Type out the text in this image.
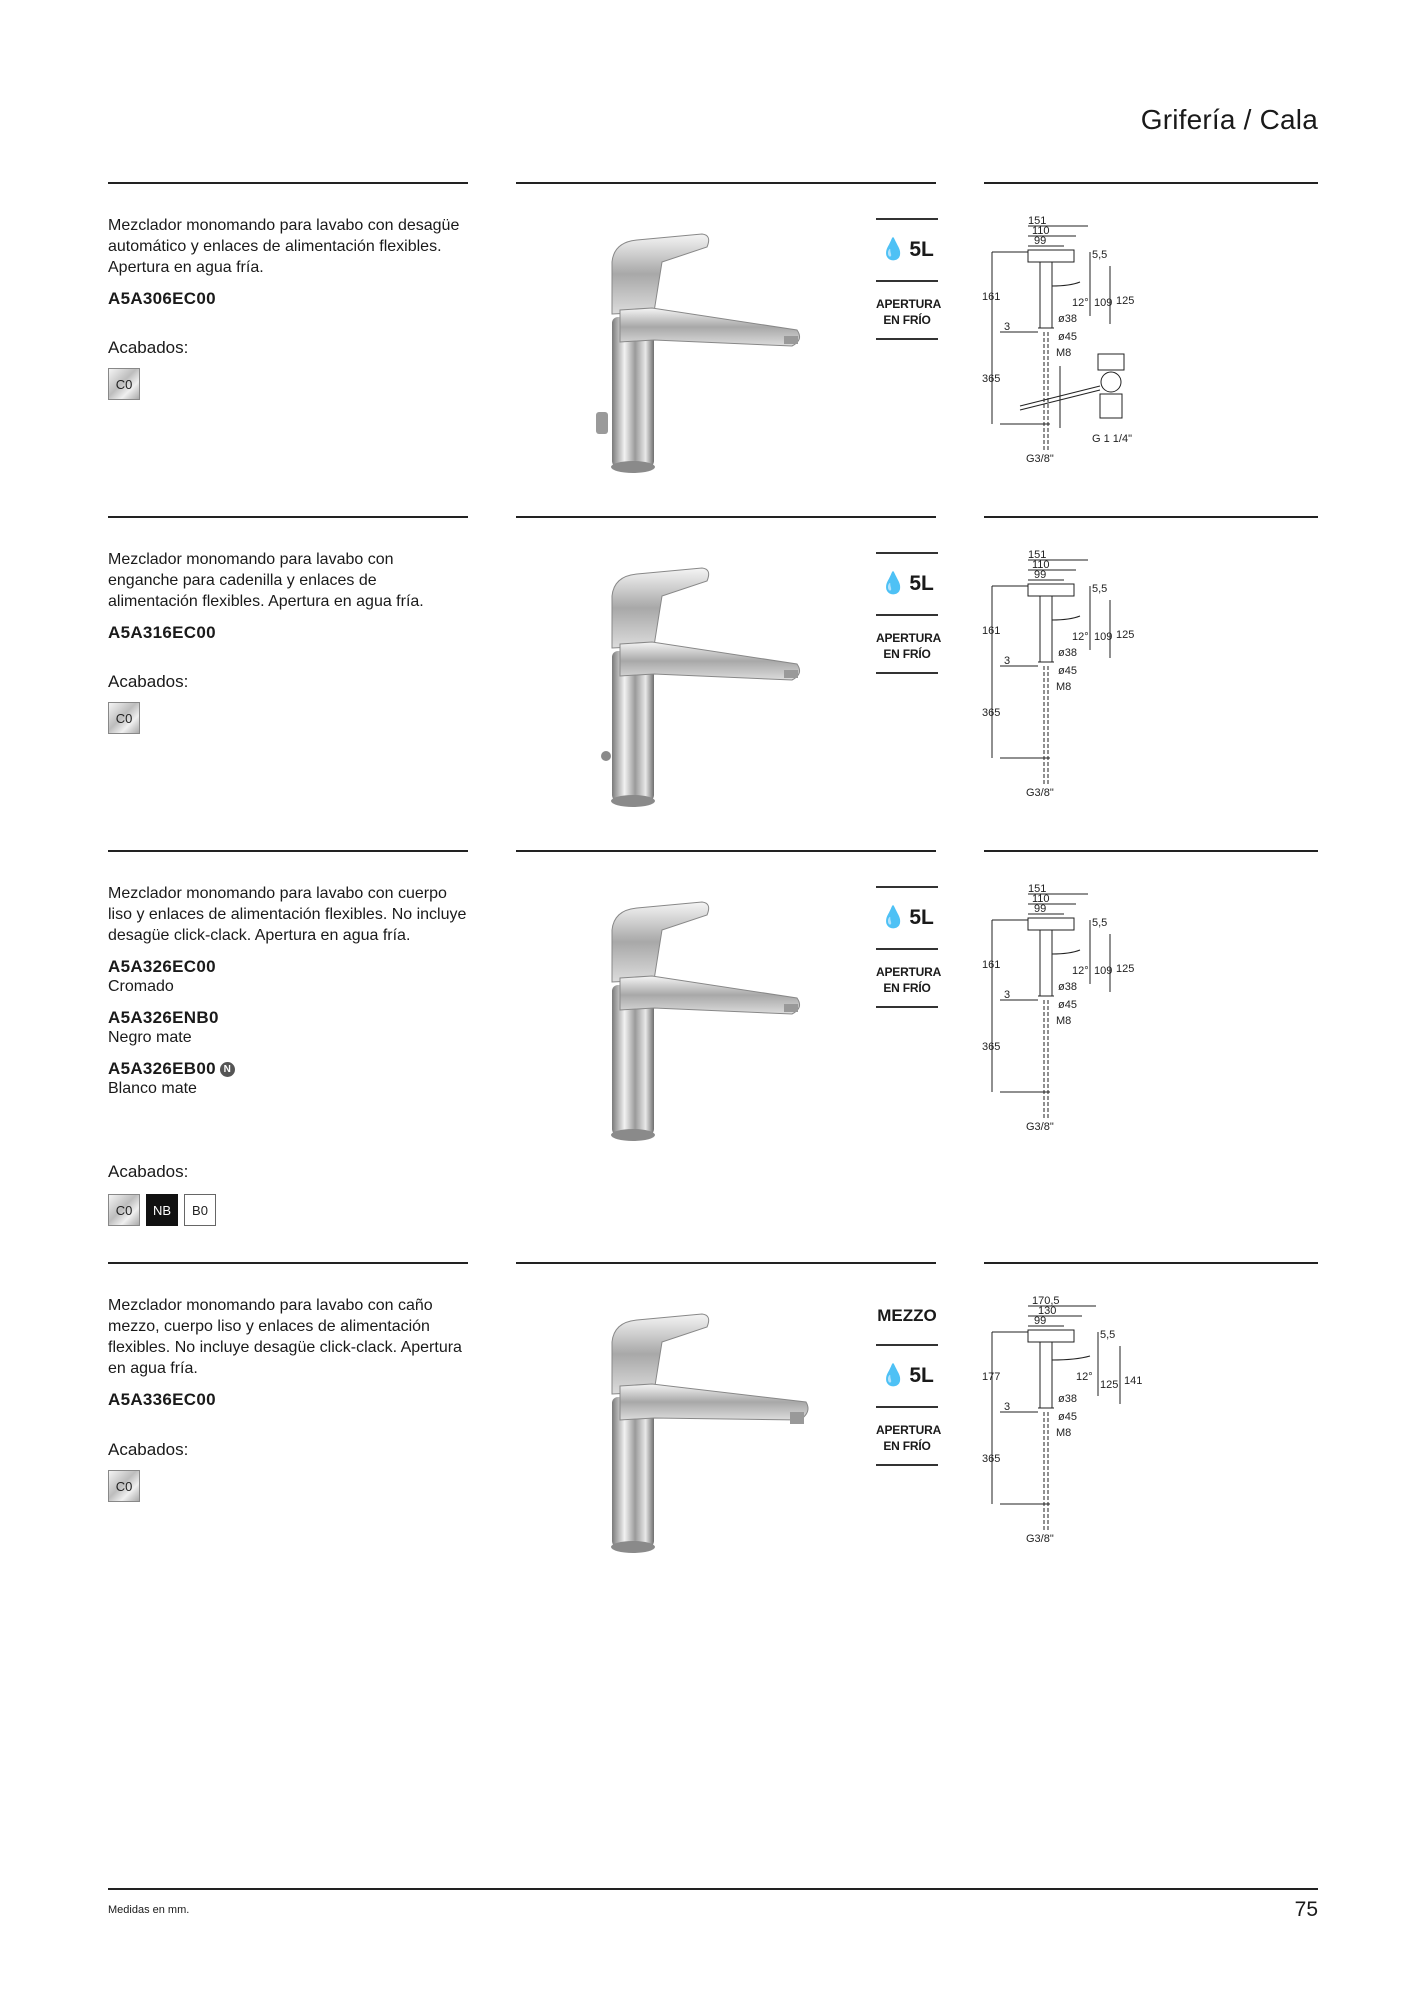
Grifería / Cala
Mezclador monomando para lavabo con desagüe automático y enlaces de alimentación flexibles. Apertura en agua fría.
A5A306EC00
Acabados:
C0
💧 5L
APERTURA
EN FRÍO
151
110
99
5,5
161	12° 109 125
ø38
ø45
M8
3
365
G3/8"
G 1 1/4"
Mezclador monomando para lavabo con enganche para cadenilla y enlaces de alimentación flexibles. Apertura en agua fría.
A5A316EC00
Acabados:
C0
💧 5L
APERTURA
EN FRÍO
151
110
99
5,5
161	12° 109 125
ø38
ø45
M8
3
365
G3/8"
Mezclador monomando para lavabo con cuerpo liso y enlaces de alimentación flexibles. No incluye desagüe click-clack. Apertura en agua fría.
A5A326EC00
Cromado
A5A326ENB0
Negro mate
A5A326EB00 N
Blanco mate
Acabados:
C0	NB	B0
💧 5L
APERTURA
EN FRÍO
151
110
99
5,5
161	12° 109 125
ø38
ø45
M8
3
365
G3/8"
Mezclador monomando para lavabo con caño mezzo, cuerpo liso y enlaces de alimentación flexibles. No incluye desagüe click-clack. Apertura en agua fría.
A5A336EC00
Acabados:
C0
MEZZO
💧 5L
APERTURA
EN FRÍO
170,5
130
99
5,5
177	12°
125 141
ø38
ø45
M8
3
365
G3/8"
Medidas en mm.	75
